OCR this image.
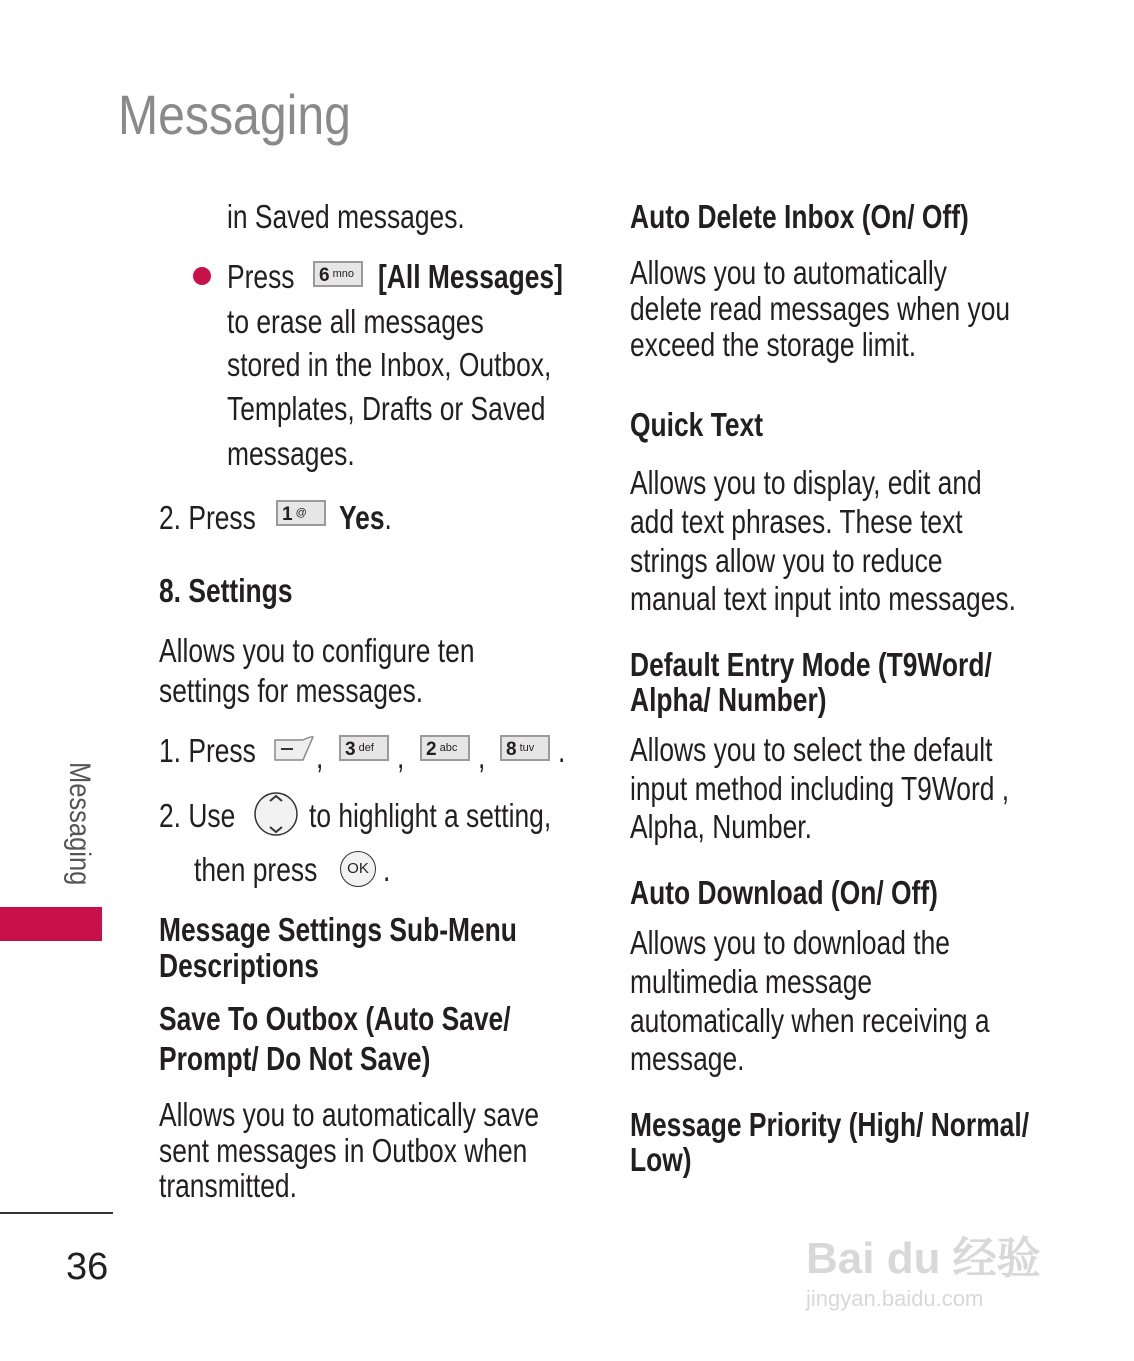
Messaging
Messaging
36
in Saved messages.
Press	6 $^{mno}$ [All Messages]
to erase all messages
stored in the Inbox, Outbox,
Templates, Drafts or Saved
messages.
2. Press	1 @ Yes.
8. Settings
Allows you to configure ten
settings for messages.
1. Press ,	3 $^{def}$ ,	2 $^{abc}$ ,	8 $^{tuv}$ .
2. Use to highlight a setting,
then press	OK .
Message Settings Sub-Menu
Descriptions
Save To Outbox (Auto Save/
Prompt/ Do Not Save)
Allows you to automatically save
sent messages in Outbox when
transmitted.
Auto Delete Inbox (On/ Off)
Allows you to automatically
delete read messages when you
exceed the storage limit.
Quick Text
Allows you to display, edit and
add text phrases. These text
strings allow you to reduce
manual text input into messages.
Default Entry Mode (T9Word/
Alpha/ Number)
Allows you to select the default
input method including T9Word ,
Alpha, Number.
Auto Download (On/ Off)
Allows you to download the
multimedia message
automatically when receiving a
message.
Message Priority (High/ Normal/
Low)
Bai du 经验
jingyan.baidu.com
